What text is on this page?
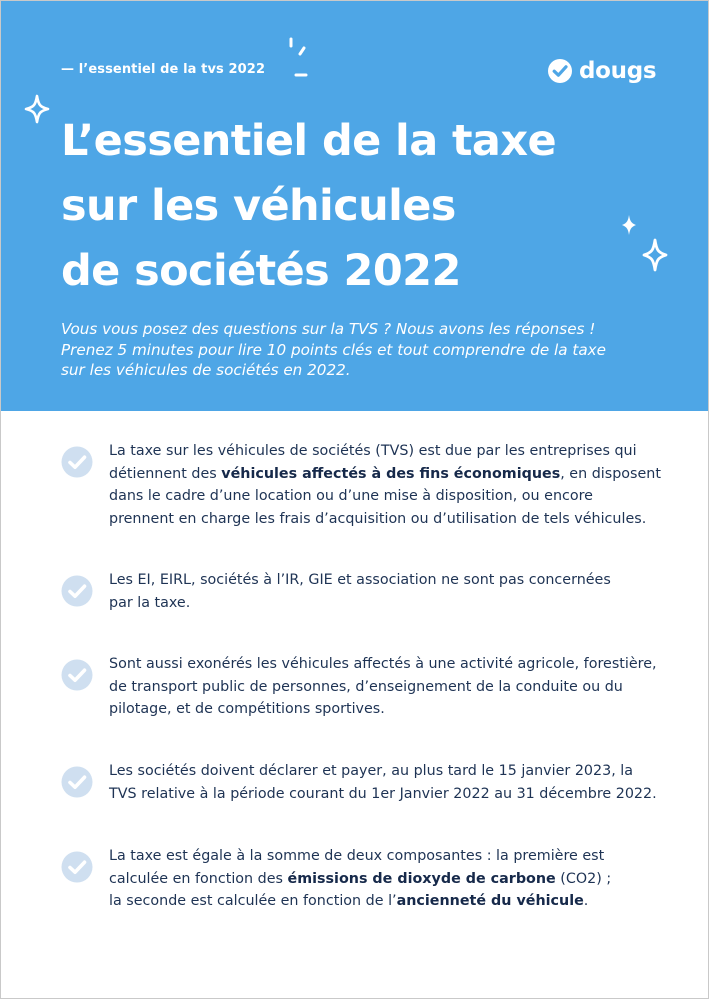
— l’essentiel de la tvs 2022	dougs
L’essentiel de la taxe
sur les véhicules
de sociétés 2022
Vous vous posez des questions sur la TVS ? Nous avons les réponses !
Prenez 5 minutes pour lire 10 points clés et tout comprendre de la taxe
sur les véhicules de sociétés en 2022.
La taxe sur les véhicules de sociétés (TVS) est due par les entreprises qui
détiennent des véhicules affectés à des fins économiques, en disposent
dans le cadre d’une location ou d’une mise à disposition, ou encore
prennent en charge les frais d’acquisition ou d’utilisation de tels véhicules.
Les EI, EIRL, sociétés à l’IR, GIE et association ne sont pas concernées
par la taxe.
Sont aussi exonérés les véhicules affectés à une activité agricole, forestière,
de transport public de personnes, d’enseignement de la conduite ou du
pilotage, et de compétitions sportives.
Les sociétés doivent déclarer et payer, au plus tard le 15 janvier 2023, la
TVS relative à la période courant du 1er Janvier 2022 au 31 décembre 2022.
La taxe est égale à la somme de deux composantes : la première est
calculée en fonction des émissions de dioxyde de carbone (CO2) ;
la seconde est calculée en fonction de l’ancienneté du véhicule.
